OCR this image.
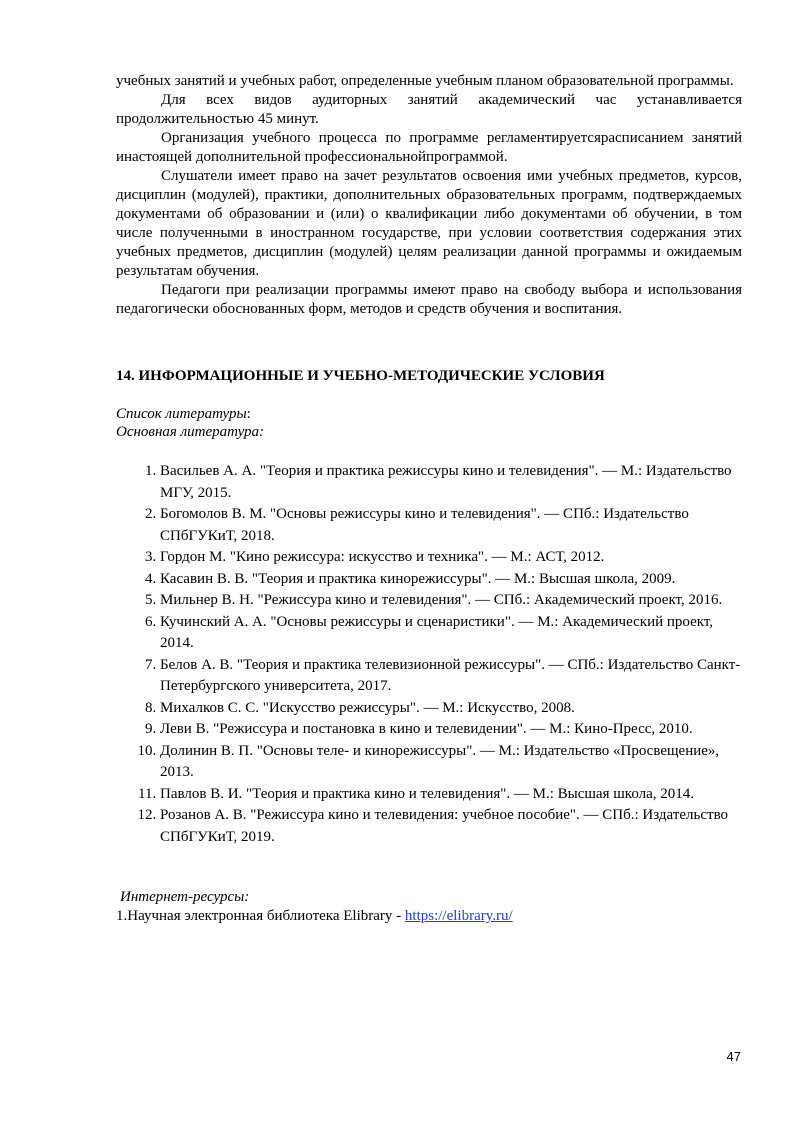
учебных занятий и учебных работ, определенные учебным планом образовательной программы.

Для всех видов аудиторных занятий академический час устанавливается продолжительностью 45 минут.

Организация учебного процесса по программе регламентируетсярасписанием занятий инастоящей дополнительной профессиональнойпрограммой.

Слушатели имеет право на зачет результатов освоения ими учебных предметов, курсов, дисциплин (модулей), практики, дополнительных образовательных программ, подтверждаемых документами об образовании и (или) о квалификации либо документами об обучении, в том числе полученными в иностранном государстве, при условии соответствия содержания этих учебных предметов, дисциплин (модулей) целям реализации данной программы и ожидаемым результатам обучения.

Педагоги при реализации программы имеют право на свободу выбора и использования педагогически обоснованных форм, методов и средств обучения и воспитания.

14. ИНФОРМАЦИОННЫЕ И УЧЕБНО-МЕТОДИЧЕСКИЕ УСЛОВИЯ

Список литературы:

Основная литература:

1. Васильев А. А. "Теория и практика режиссуры кино и телевидения". — М.: Издательство МГУ, 2015.
2. Богомолов В. М. "Основы режиссуры кино и телевидения". — СПб.: Издательство СПбГУКиТ, 2018.
3. Гордон М. "Кино режиссура: искусство и техника". — М.: АСТ, 2012.
4. Касавин В. В. "Теория и практика кинорежиссуры". — М.: Высшая школа, 2009.
5. Мильнер В. Н. "Режиссура кино и телевидения". — СПб.: Академический проект, 2016.
6. Кучинский А. А. "Основы режиссуры и сценаристики". — М.: Академический проект, 2014.
7. Белов А. В. "Теория и практика телевизионной режиссуры". — СПб.: Издательство Санкт-Петербургского университета, 2017.
8. Михалков С. С. "Искусство режиссуры". — М.: Искусство, 2008.
9. Леви В. "Режиссура и постановка в кино и телевидении". — М.: Кино-Пресс, 2010.
10. Долинин В. П. "Основы теле- и кинорежиссуры". — М.: Издательство «Просвещение», 2013.
11. Павлов В. И. "Теория и практика кино и телевидения". — М.: Высшая школа, 2014.
12. Розанов А. В. "Режиссура кино и телевидения: учебное пособие". — СПб.: Издательство СПбГУКиТ, 2019.

Интернет-ресурсы:

1.Научная электронная библиотека Elibrary - https://elibrary.ru/

47
